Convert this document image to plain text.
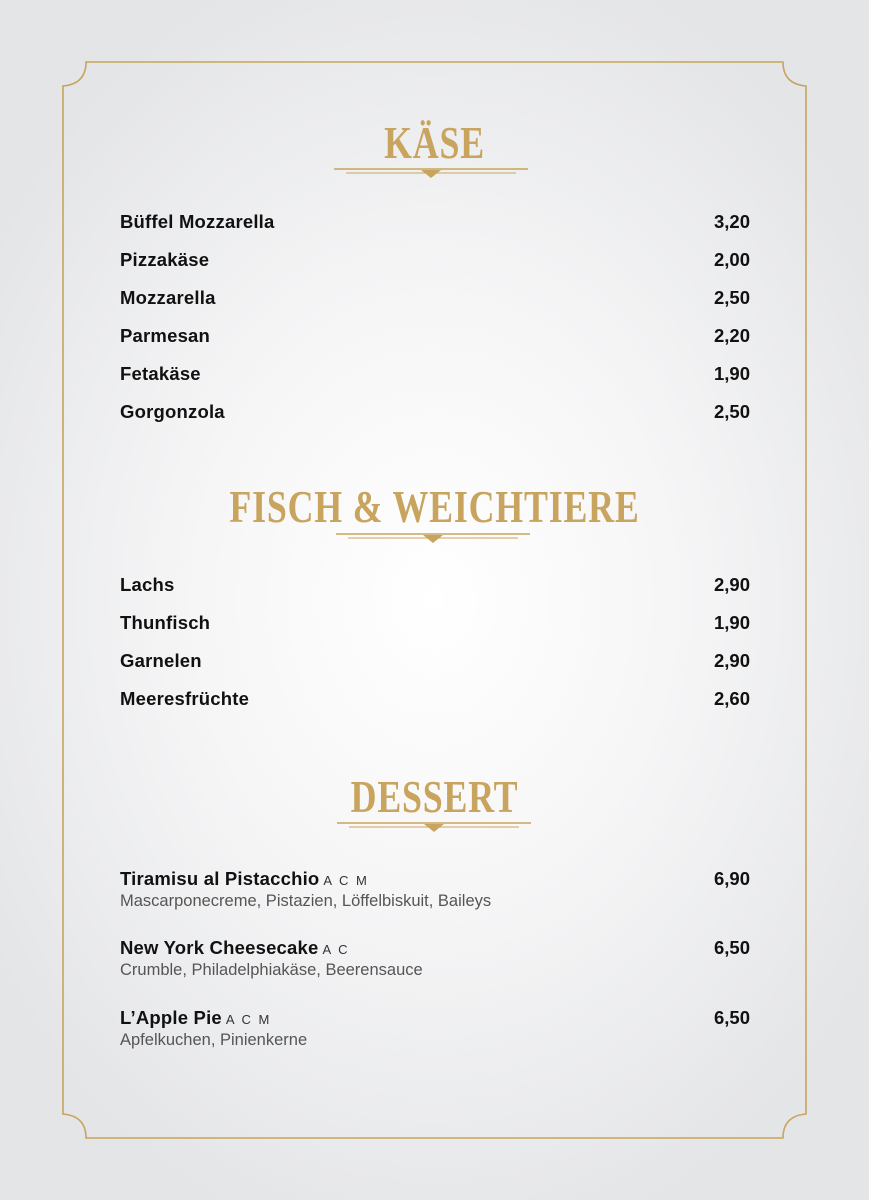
KÄSE
Büffel Mozzarella	3,20
Pizzakäse	2,00
Mozzarella	2,50
Parmesan	2,20
Fetakäse	1,90
Gorgonzola	2,50
FISCH & WEICHTIERE
Lachs	2,90
Thunfisch	1,90
Garnelen	2,90
Meeresfrüchte	2,60
DESSERT
Tiramisu al Pistacchio A C M	6,90
Mascarponecreme, Pistazien, Löffelbiskuit, Baileys
New York Cheesecake A C	6,50
Crumble, Philadelphiakäse, Beerensauce
L’Apple Pie A C M	6,50
Apfelkuchen, Pinienkerne
